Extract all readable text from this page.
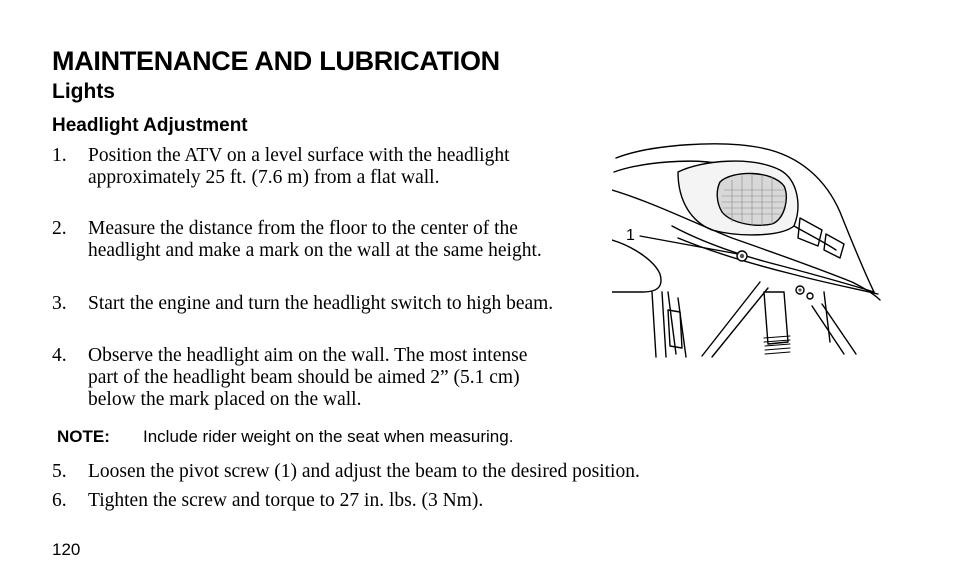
MAINTENANCE AND LUBRICATION
Lights
Headlight Adjustment
1. Position the ATV on a level surface with the headlight approximately 25 ft. (7.6 m) from a flat wall.
2. Measure the distance from the floor to the center of the headlight and make a mark on the wall at the same height.
3. Start the engine and turn the headlight switch to high beam.
4. Observe the headlight aim on the wall. The most intense part of the headlight beam should be aimed 2” (5.1 cm) below the mark placed on the wall.
NOTE: Include rider weight on the seat when measuring.
5. Loosen the pivot screw (1) and adjust the beam to the desired position.
6. Tighten the screw and torque to 27 in. lbs. (3 Nm).
1
120
